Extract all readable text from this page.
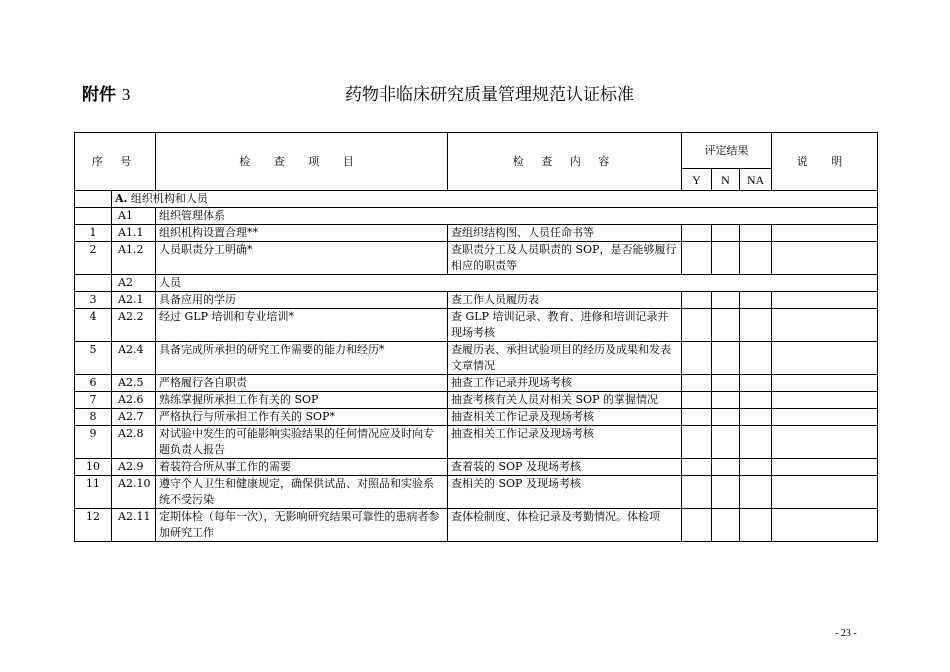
附件 3	药物非临床研究质量管理规范认证标准
序 号		检 查 项 目	检 查 内 容	评定结果			说 明
				Y	N	NA	
	A. 组织机构和人员						
	A1	组织管理体系					
1	A1.1	组织机构设置合理**	查组织结构图、人员任命书等				
2	A1.2	人员职责分工明确*	查职责分工及人员职责的 SOP，是否能够履行相应的职责等				
	A2	人员					
3	A2.1	具备应用的学历	查工作人员履历表				
4	A2.2	经过 GLP 培训和专业培训*	查 GLP 培训记录、教育、进修和培训记录并现场考核				
5	A2.4	具备完成所承担的研究工作需要的能力和经历*	查履历表、承担试验项目的经历及成果和发表文章情况				
6	A2.5	严格履行各自职责	抽查工作记录并现场考核				
7	A2.6	熟练掌握所承担工作有关的 SOP	抽查考核有关人员对相关 SOP 的掌握情况				
8	A2.7	严格执行与所承担工作有关的 SOP*	抽查相关工作记录及现场考核				
9	A2.8	对试验中发生的可能影响实验结果的任何情况应及时向专题负责人报告	抽查相关工作记录及现场考核				
10	A2.9	着装符合所从事工作的需要	查着装的 SOP 及现场考核				
11	A2.10	遵守个人卫生和健康规定，确保供试品、对照品和实验系统不受污染	查相关的 SOP 及现场考核				
12	A2.11	定期体检（每年一次），无影响研究结果可靠性的患病者参加研究工作	查体检制度、体检记录及考勤情况。体检项				
- 23 -
